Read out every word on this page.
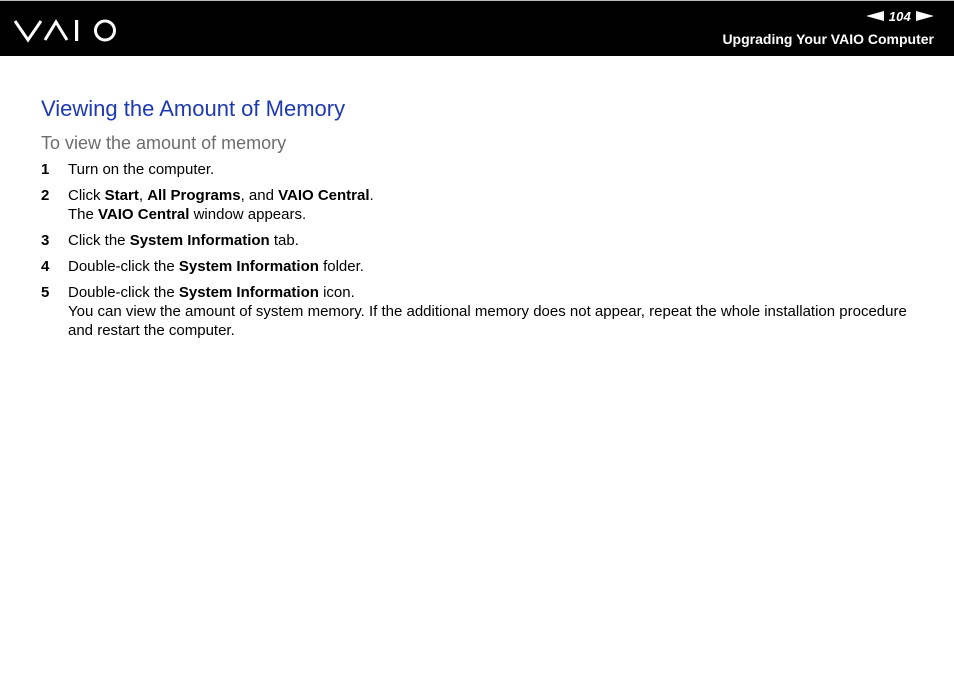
104
Upgrading Your VAIO Computer
Viewing the Amount of Memory
To view the amount of memory
1	Turn on the computer.
2	Click Start, All Programs, and VAIO Central.
The VAIO Central window appears.
3	Click the System Information tab.
4	Double-click the System Information folder.
5	Double-click the System Information icon.
You can view the amount of system memory. If the additional memory does not appear, repeat the whole installation procedure and restart the computer.
